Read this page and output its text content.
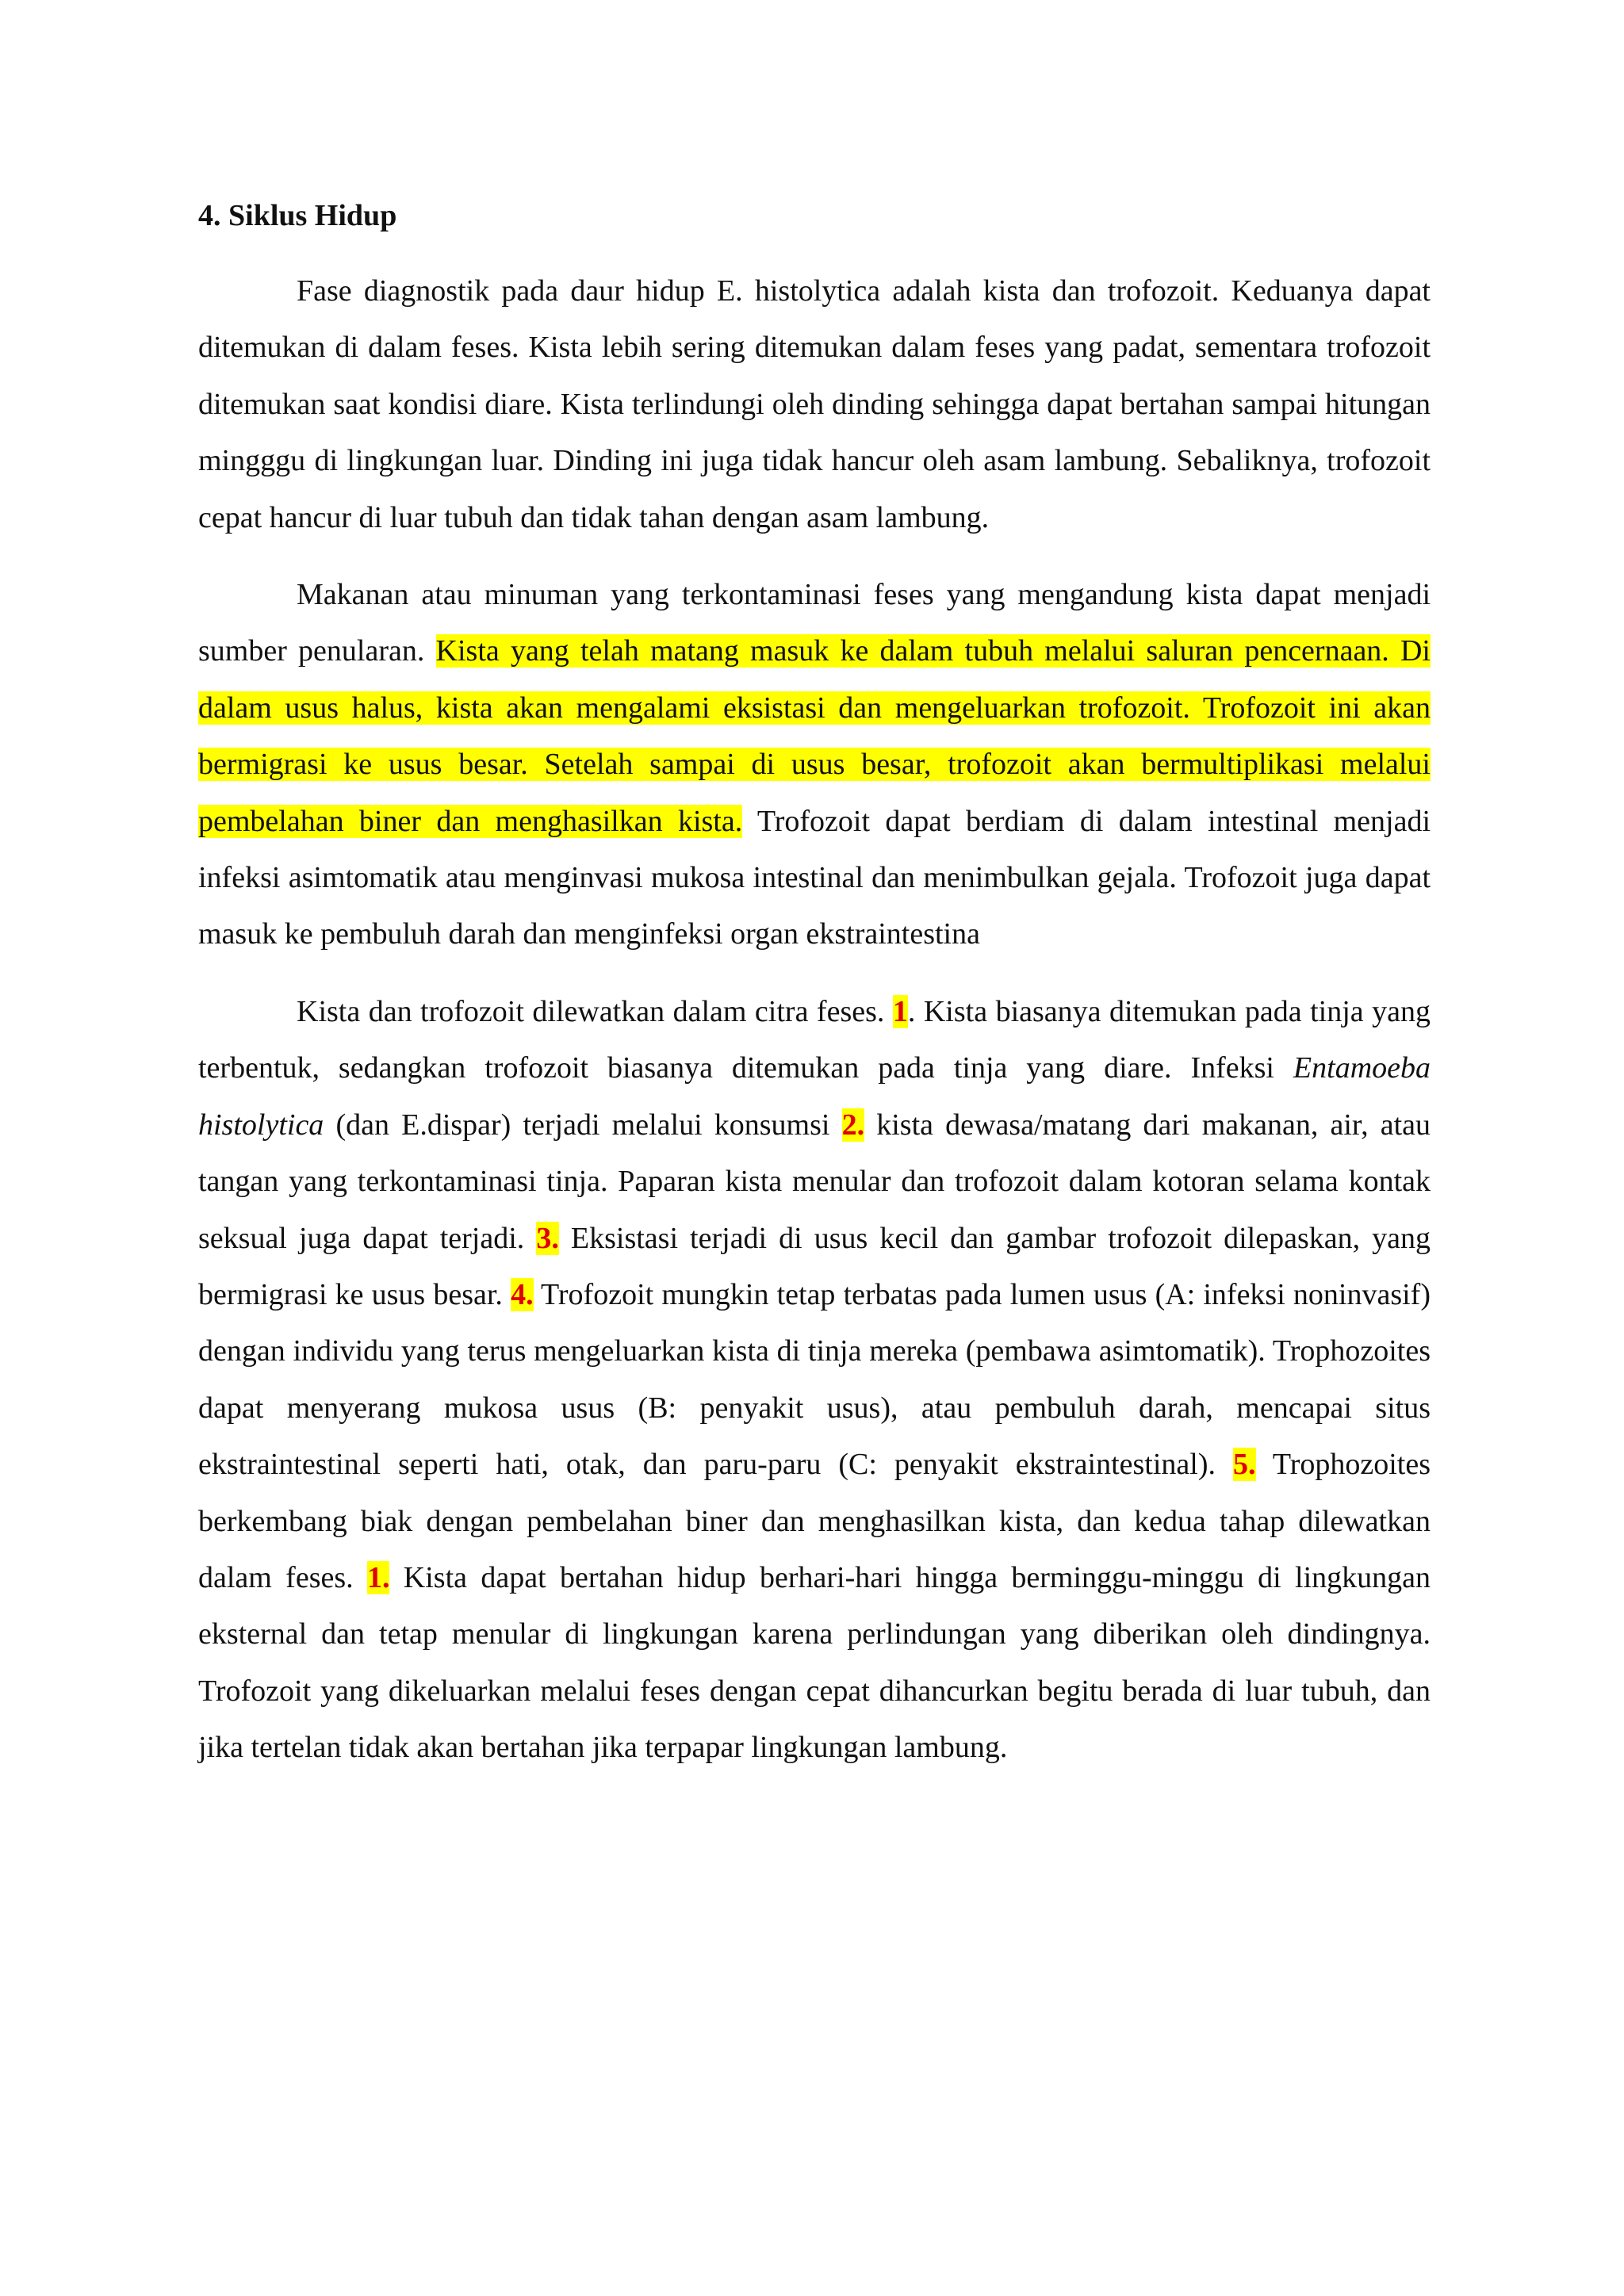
4. Siklus Hidup

Fase diagnostik pada daur hidup E. histolytica adalah kista dan trofozoit. Keduanya dapat ditemukan di dalam feses. Kista lebih sering ditemukan dalam feses yang padat, sementara trofozoit ditemukan saat kondisi diare. Kista terlindungi oleh dinding sehingga dapat bertahan sampai hitungan mingggu di lingkungan luar. Dinding ini juga tidak hancur oleh asam lambung. Sebaliknya, trofozoit cepat hancur di luar tubuh dan tidak tahan dengan asam lambung.

Makanan atau minuman yang terkontaminasi feses yang mengandung kista dapat menjadi sumber penularan. Kista yang telah matang masuk ke dalam tubuh melalui saluran pencernaan. Di dalam usus halus, kista akan mengalami eksistasi dan mengeluarkan trofozoit. Trofozoit ini akan bermigrasi ke usus besar. Setelah sampai di usus besar, trofozoit akan bermultiplikasi melalui pembelahan biner dan menghasilkan kista. Trofozoit dapat berdiam di dalam intestinal menjadi infeksi asimtomatik atau menginvasi mukosa intestinal dan menimbulkan gejala. Trofozoit juga dapat masuk ke pembuluh darah dan menginfeksi organ ekstraintestina

Kista dan trofozoit dilewatkan dalam citra feses. 1. Kista biasanya ditemukan pada tinja yang terbentuk, sedangkan trofozoit biasanya ditemukan pada tinja yang diare. Infeksi Entamoeba histolytica (dan E.dispar) terjadi melalui konsumsi 2. kista dewasa/matang dari makanan, air, atau tangan yang terkontaminasi tinja. Paparan kista menular dan trofozoit dalam kotoran selama kontak seksual juga dapat terjadi. 3. Eksistasi terjadi di usus kecil dan gambar trofozoit dilepaskan, yang bermigrasi ke usus besar. 4. Trofozoit mungkin tetap terbatas pada lumen usus (A: infeksi noninvasif) dengan individu yang terus mengeluarkan kista di tinja mereka (pembawa asimtomatik). Trophozoites dapat menyerang mukosa usus (B: penyakit usus), atau pembuluh darah, mencapai situs ekstraintestinal seperti hati, otak, dan paru-paru (C: penyakit ekstraintestinal). 5. Trophozoites berkembang biak dengan pembelahan biner dan menghasilkan kista, dan kedua tahap dilewatkan dalam feses. 1. Kista dapat bertahan hidup berhari-hari hingga berminggu-minggu di lingkungan eksternal dan tetap menular di lingkungan karena perlindungan yang diberikan oleh dindingnya. Trofozoit yang dikeluarkan melalui feses dengan cepat dihancurkan begitu berada di luar tubuh, dan jika tertelan tidak akan bertahan jika terpapar lingkungan lambung.
